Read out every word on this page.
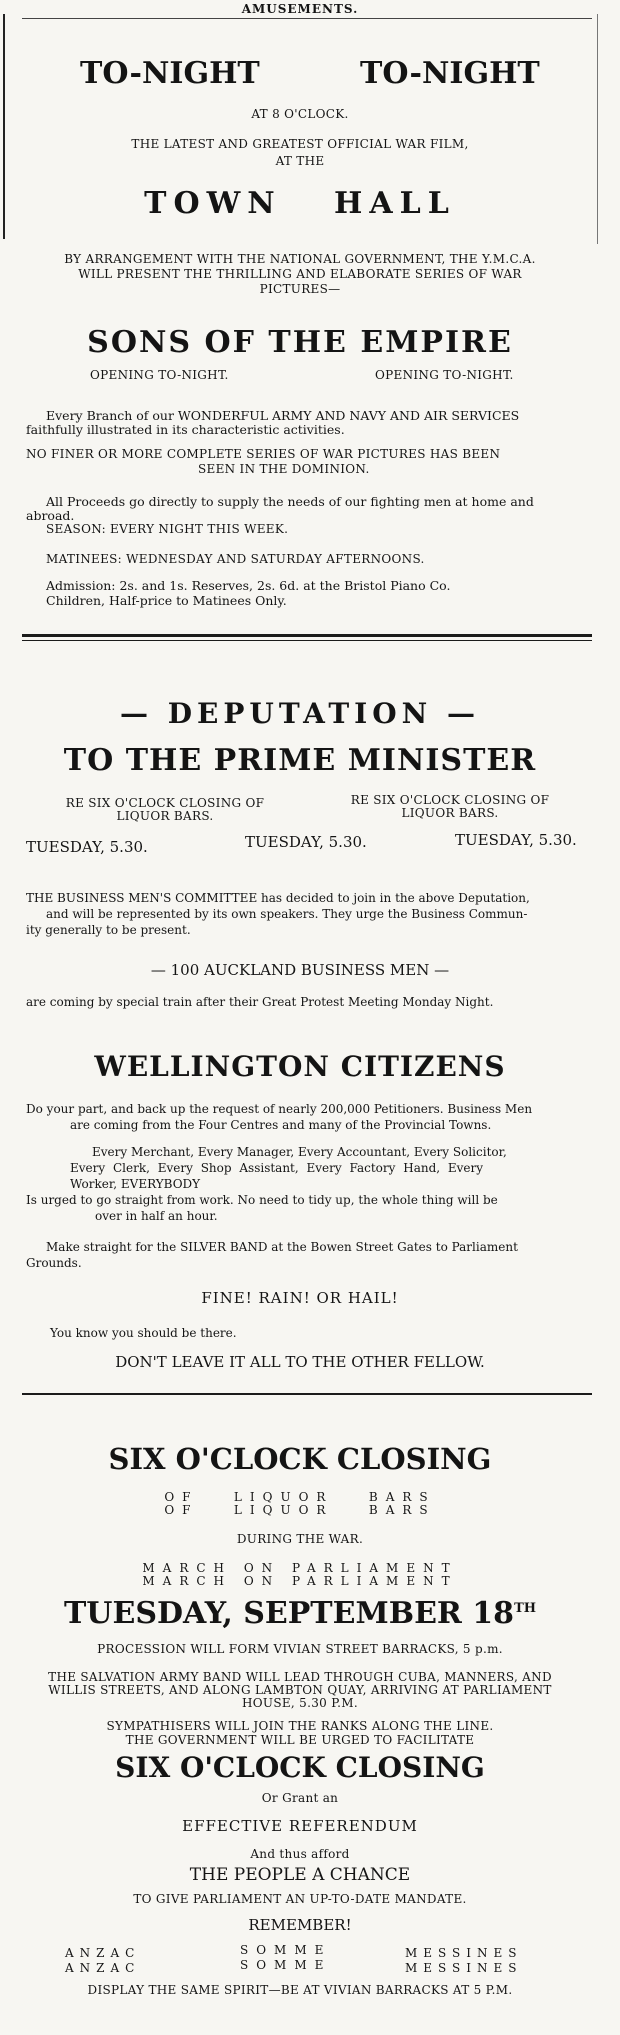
AMUSEMENTS.
TO-NIGHT	TO-NIGHT
AT 8 O'CLOCK.
THE LATEST AND GREATEST OFFICIAL WAR FILM,
AT THE
TOWN   HALL
BY ARRANGEMENT WITH THE NATIONAL GOVERNMENT, THE Y.M.C.A.
WILL PRESENT THE THRILLING AND ELABORATE SERIES OF WAR
PICTURES—
SONS OF THE EMPIRE
OPENING TO-NIGHT.	OPENING TO-NIGHT.
Every Branch of our WONDERFUL ARMY AND NAVY AND AIR SERVICES
faithfully illustrated in its characteristic activities.
NO FINER OR MORE COMPLETE SERIES OF WAR PICTURES HAS BEEN
SEEN IN THE DOMINION.
All Proceeds go directly to supply the needs of our fighting men at home and
abroad.
SEASON: EVERY NIGHT THIS WEEK.
MATINEES: WEDNESDAY AND SATURDAY AFTERNOONS.
Admission: 2s. and 1s. Reserves, 2s. 6d. at the Bristol Piano Co.
Children, Half-price to Matinees Only.
— DEPUTATION —
TO THE PRIME MINISTER
RE SIX O'CLOCK CLOSING OF
LIQUOR BARS.
RE SIX O'CLOCK CLOSING OF
LIQUOR BARS.
TUESDAY, 5.30.	TUESDAY, 5.30.	TUESDAY, 5.30.
THE BUSINESS MEN'S COMMITTEE has decided to join in the above Deputation,
and will be represented by its own speakers. They urge the Business Commun-
ity generally to be present.
— 100 AUCKLAND BUSINESS MEN —
are coming by special train after their Great Protest Meeting Monday Night.
WELLINGTON CITIZENS
Do your part, and back up the request of nearly 200,000 Petitioners. Business Men
are coming from the Four Centres and many of the Provincial Towns.
Every Merchant, Every Manager, Every Accountant, Every Solicitor,
Every Clerk, Every Shop Assistant, Every Factory Hand, Every
Worker, EVERYBODY
Is urged to go straight from work. No need to tidy up, the whole thing will be
over in half an hour.
Make straight for the SILVER BAND at the Bowen Street Gates to Parliament
Grounds.
FINE! RAIN! OR HAIL!
You know you should be there.
DON'T LEAVE IT ALL TO THE OTHER FELLOW.
SIX O'CLOCK CLOSING
OF   LIQUOR   BARS
OF   LIQUOR   BARS
DURING THE WAR.
MARCH ON PARLIAMENT
MARCH ON PARLIAMENT
TUESDAY, SEPTEMBER 18TH
PROCESSION WILL FORM VIVIAN STREET BARRACKS, 5 p.m.
THE SALVATION ARMY BAND WILL LEAD THROUGH CUBA, MANNERS, AND
WILLIS STREETS, AND ALONG LAMBTON QUAY, ARRIVING AT PARLIAMENT
HOUSE, 5.30 P.M.
SYMPATHISERS WILL JOIN THE RANKS ALONG THE LINE.
THE GOVERNMENT WILL BE URGED TO FACILITATE
SIX O'CLOCK CLOSING
Or Grant an
EFFECTIVE REFERENDUM
And thus afford
THE PEOPLE A CHANCE
TO GIVE PARLIAMENT AN UP-TO-DATE MANDATE.
REMEMBER!
ANZAC
ANZAC
SOMME
SOMME
MESSINES
MESSINES
DISPLAY THE SAME SPIRIT—BE AT VIVIAN BARRACKS AT 5 P.M.
